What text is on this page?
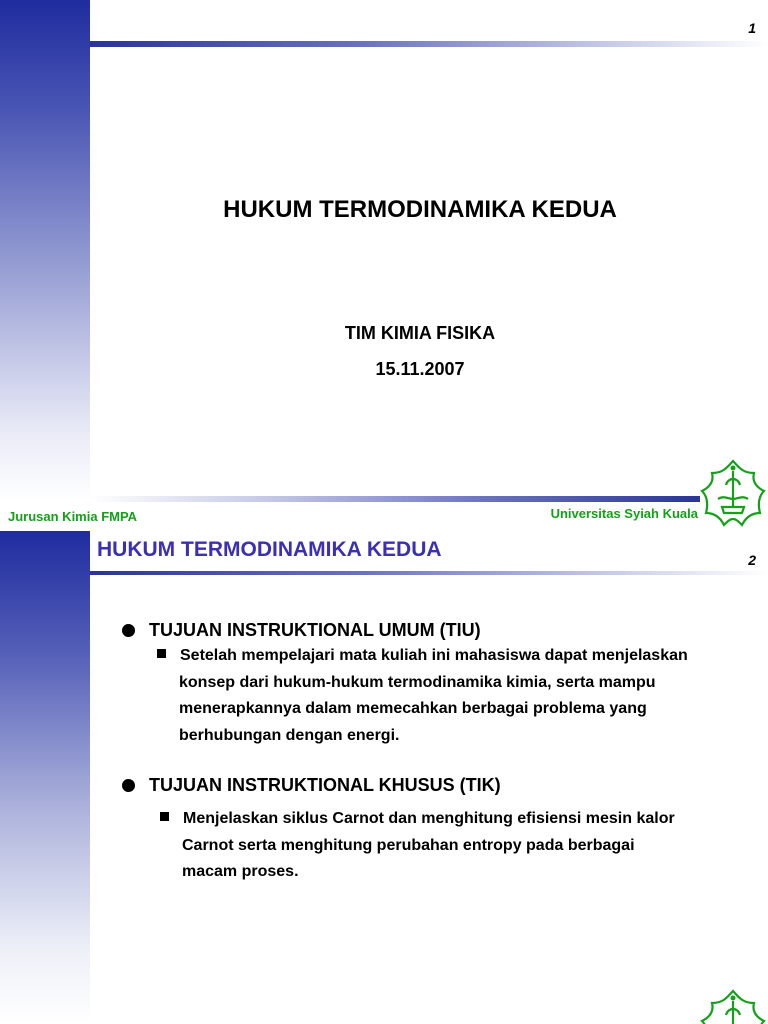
1
HUKUM TERMODINAMIKA KEDUA
TIM KIMIA FISIKA
15.11.2007
Jurusan Kimia FMPA	Universitas Syiah Kuala
HUKUM TERMODINAMIKA KEDUA	2
TUJUAN INSTRUKTIONAL UMUM (TIU)
Setelah mempelajari mata kuliah ini mahasiswa dapat menjelaskan
konsep dari hukum-hukum termodinamika kimia, serta mampu
menerapkannya dalam memecahkan berbagai problema yang
berhubungan dengan energi.
TUJUAN INSTRUKTIONAL KHUSUS (TIK)
Menjelaskan siklus Carnot dan menghitung efisiensi mesin kalor
Carnot serta menghitung perubahan entropy pada berbagai
macam proses.
